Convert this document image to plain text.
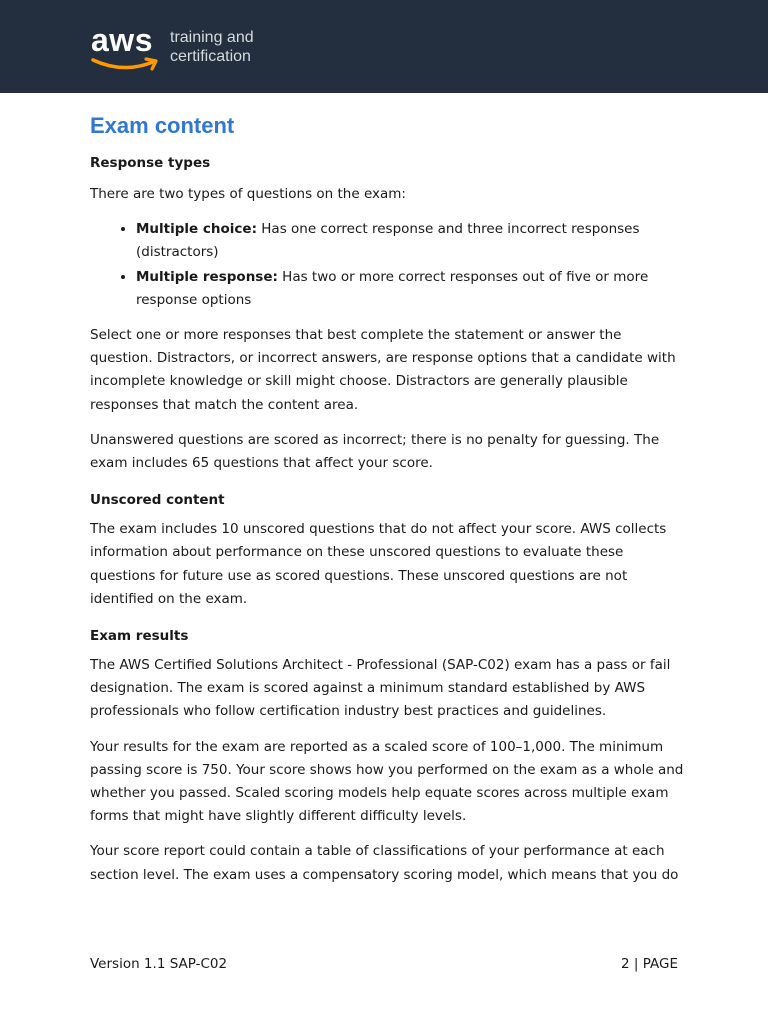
aws training and
certification
Exam content
Response types

There are two types of questions on the exam:

• Multiple choice: Has one correct response and three incorrect responses (distractors)
• Multiple response: Has two or more correct responses out of five or more response options

Select one or more responses that best complete the statement or answer the question. Distractors, or incorrect answers, are response options that a candidate with incomplete knowledge or skill might choose. Distractors are generally plausible responses that match the content area.

Unanswered questions are scored as incorrect; there is no penalty for guessing. The exam includes 65 questions that affect your score.

Unscored content

The exam includes 10 unscored questions that do not affect your score. AWS collects information about performance on these unscored questions to evaluate these questions for future use as scored questions. These unscored questions are not identified on the exam.

Exam results

The AWS Certified Solutions Architect - Professional (SAP-C02) exam has a pass or fail designation. The exam is scored against a minimum standard established by AWS professionals who follow certification industry best practices and guidelines.

Your results for the exam are reported as a scaled score of 100–1,000. The minimum passing score is 750. Your score shows how you performed on the exam as a whole and whether you passed. Scaled scoring models help equate scores across multiple exam forms that might have slightly different difficulty levels.

Your score report could contain a table of classifications of your performance at each section level. The exam uses a compensatory scoring model, which means that you do

Version 1.1 SAP-C02	2 | PAGE
